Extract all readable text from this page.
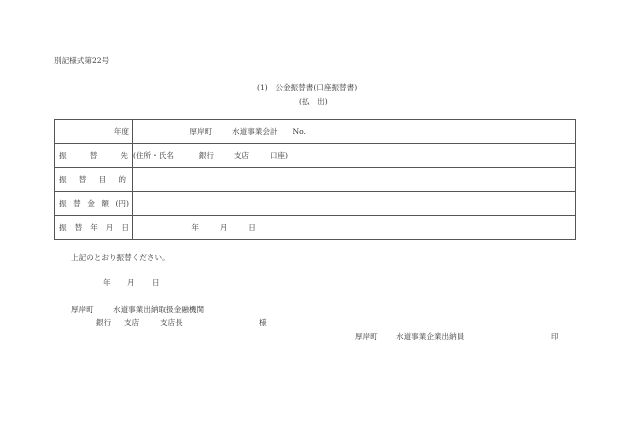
別記様式第22号
(1)　公金振替書(口座振替書)
(払　出)
年度	厚岸町 水道事業会計 No.

振 替 先	(住所・氏名 銀行 支店 口座)

振 替 目 的	

振 替 金 額 (円)	

振 替 年 月 日	年 月 日
上記のとおり振替ください。
年 月 日
厚岸町	水道事業出納取扱金融機関
銀行 支店	支店長	様
厚岸町 水道事業企業出納員	印
